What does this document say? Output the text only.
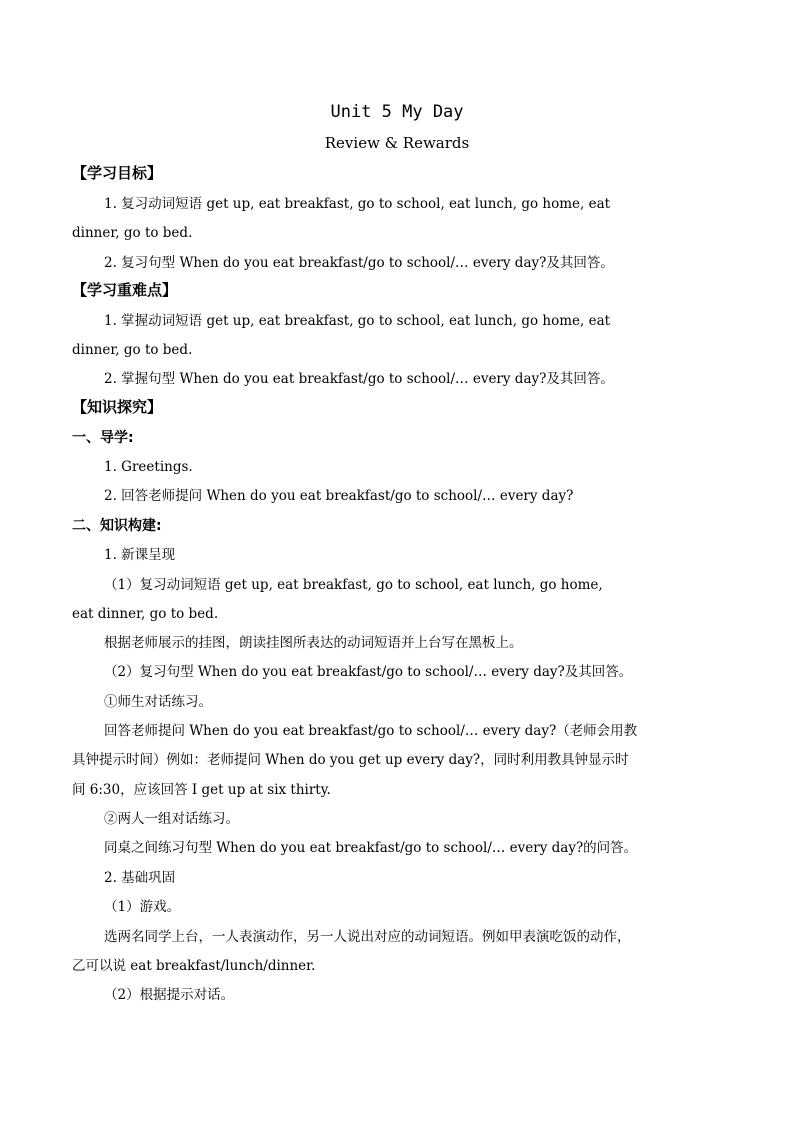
Unit 5 My Day
Review & Rewards
【学习目标】
1. 复习动词短语 get up, eat breakfast, go to school, eat lunch, go home, eat
dinner, go to bed.
2. 复习句型 When do you eat breakfast/go to school/… every day?及其回答。
【学习重难点】
1. 掌握动词短语 get up, eat breakfast, go to school, eat lunch, go home, eat
dinner, go to bed.
2. 掌握句型 When do you eat breakfast/go to school/… every day?及其回答。
【知识探究】
一、导学:
1. Greetings.
2. 回答老师提问 When do you eat breakfast/go to school/… every day?
二、知识构建:
1. 新课呈现
（1）复习动词短语 get up, eat breakfast, go to school, eat lunch, go home,
eat dinner, go to bed.
根据老师展示的挂图，朗读挂图所表达的动词短语并上台写在黑板上。
（2）复习句型 When do you eat breakfast/go to school/… every day?及其回答。
①师生对话练习。
回答老师提问 When do you eat breakfast/go to school/… every day?（老师会用教
具钟提示时间）例如：老师提问 When do you get up every day?，同时利用教具钟显示时
间 6:30，应该回答 I get up at six thirty.
②两人一组对话练习。
同桌之间练习句型 When do you eat breakfast/go to school/… every day?的问答。
2. 基础巩固
（1）游戏。
选两名同学上台，一人表演动作，另一人说出对应的动词短语。例如甲表演吃饭的动作，
乙可以说 eat breakfast/lunch/dinner.
（2）根据提示对话。
